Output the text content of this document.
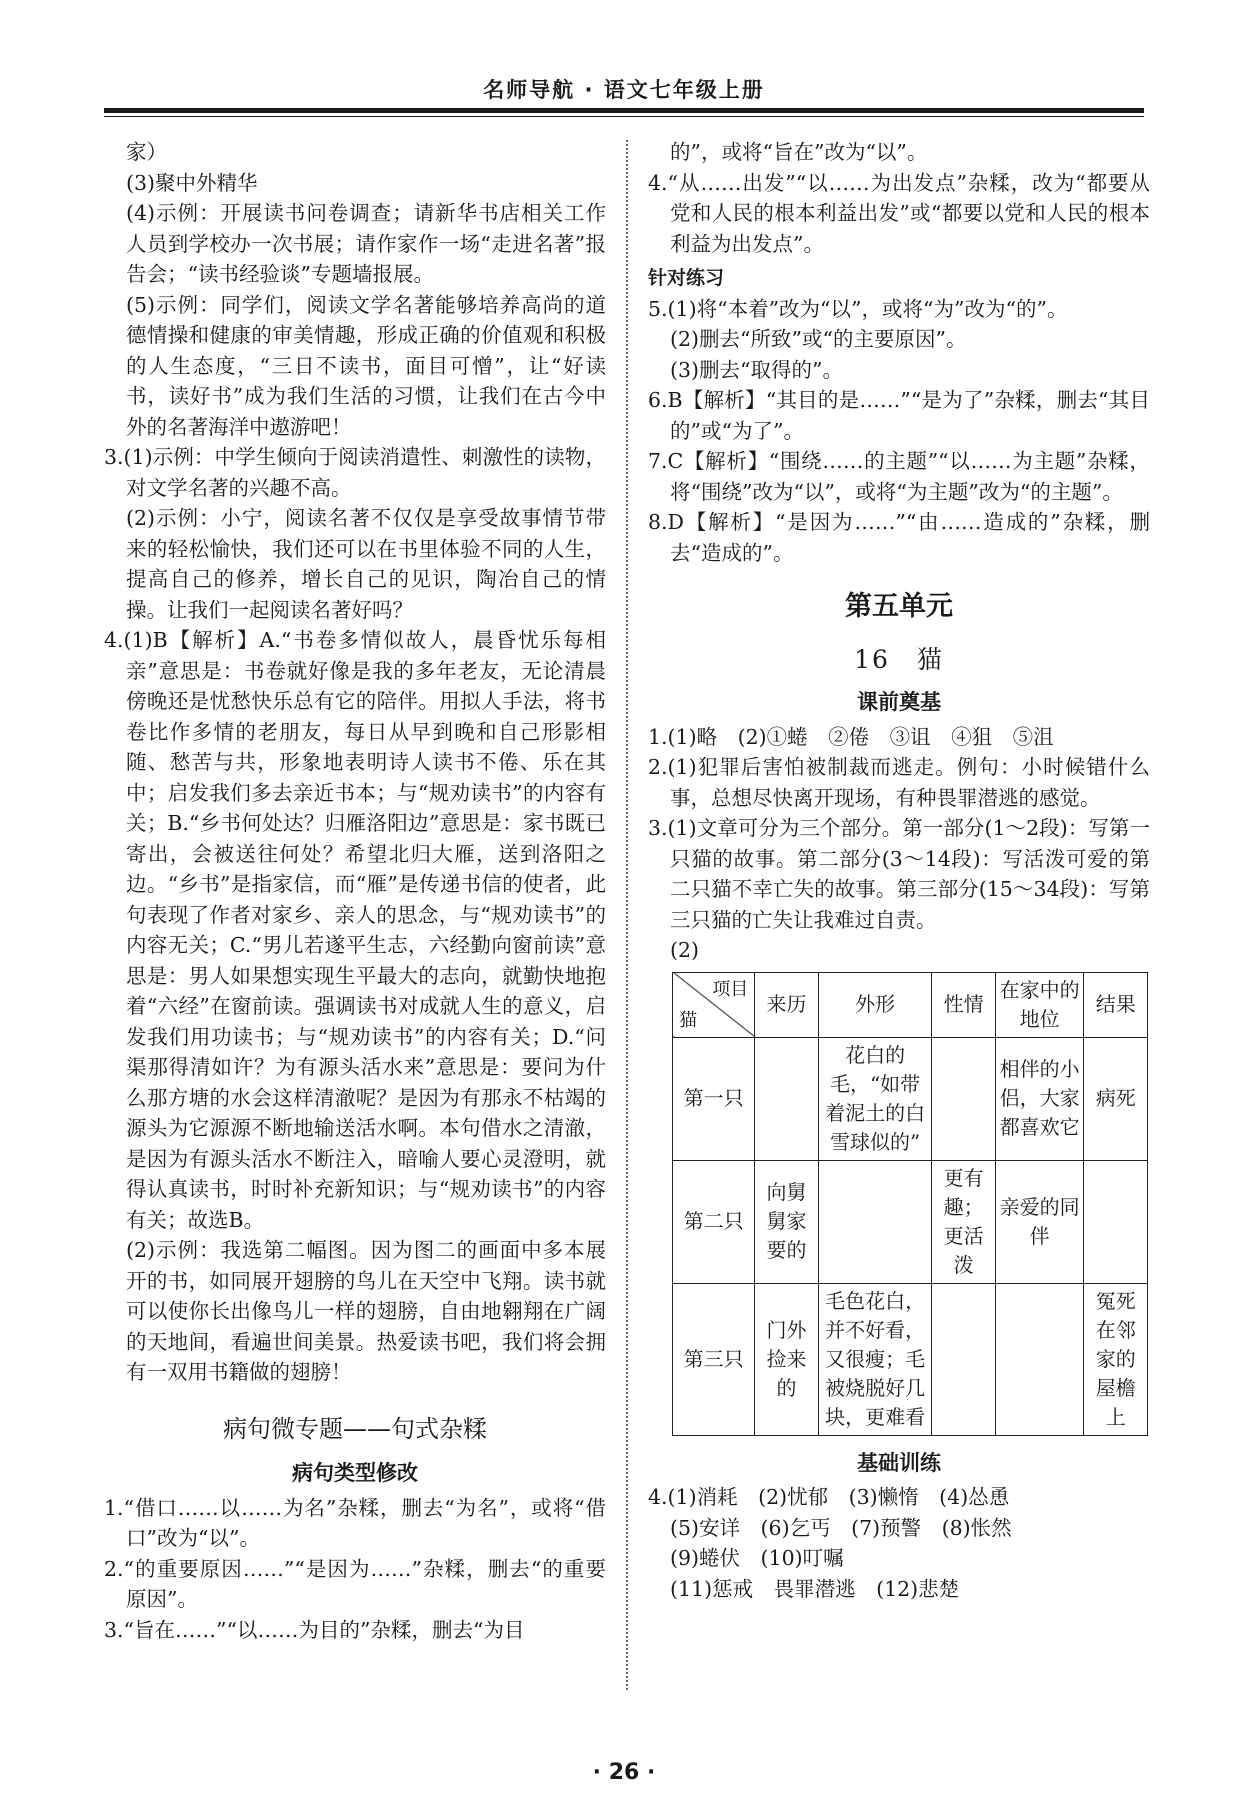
名师导航 · 语文七年级上册

家）

(3)聚中外精华

(4)示例：开展读书问卷调查；请新华书店相关工作人员到学校办一次书展；请作家作一场“走进名著”报告会；“读书经验谈”专题墙报展。

(5)示例：同学们，阅读文学名著能够培养高尚的道德情操和健康的审美情趣，形成正确的价值观和积极的人生态度，“三日不读书，面目可憎”，让“好读书，读好书”成为我们生活的习惯，让我们在古今中外的名著海洋中遨游吧！

3.(1)示例：中学生倾向于阅读消遣性、刺激性的读物，对文学名著的兴趣不高。

(2)示例：小宁，阅读名著不仅仅是享受故事情节带来的轻松愉快，我们还可以在书里体验不同的人生，提高自己的修养，增长自己的见识，陶冶自己的情操。让我们一起阅读名著好吗？

4.(1)B【解析】A.“书卷多情似故人，晨昏忧乐每相亲”意思是：书卷就好像是我的多年老友，无论清晨傍晚还是忧愁快乐总有它的陪伴。用拟人手法，将书卷比作多情的老朋友，每日从早到晚和自己形影相随、愁苦与共，形象地表明诗人读书不倦、乐在其中；启发我们多去亲近书本；与“规劝读书”的内容有关；B.“乡书何处达？归雁洛阳边”意思是：家书既已寄出，会被送往何处？希望北归大雁，送到洛阳之边。“乡书”是指家信，而“雁”是传递书信的使者，此句表现了作者对家乡、亲人的思念，与“规劝读书”的内容无关；C.“男儿若遂平生志，六经勤向窗前读”意思是：男人如果想实现生平最大的志向，就勤快地抱着“六经”在窗前读。强调读书对成就人生的意义，启发我们用功读书；与“规劝读书”的内容有关；D.“问渠那得清如许？为有源头活水来”意思是：要问为什么那方塘的水会这样清澈呢？是因为有那永不枯竭的源头为它源源不断地输送活水啊。本句借水之清澈，是因为有源头活水不断注入，暗喻人要心灵澄明，就得认真读书，时时补充新知识；与“规劝读书”的内容有关；故选B。

(2)示例：我选第二幅图。因为图二的画面中多本展开的书，如同展开翅膀的鸟儿在天空中飞翔。读书就可以使你长出像鸟儿一样的翅膀，自由地翱翔在广阔的天地间，看遍世间美景。热爱读书吧，我们将会拥有一双用书籍做的翅膀！

病句微专题——句式杂糅
病句类型修改

1.“借口……以……为名”杂糅，删去“为名”，或将“借口”改为“以”。

2.“的重要原因……”“是因为……”杂糅，删去“的重要原因”。

3.“旨在……”“以……为目的”杂糅，删去“为目

的”，或将“旨在”改为“以”。

4.“从……出发”“以……为出发点”杂糅，改为“都要从党和人民的根本利益出发”或“都要以党和人民的根本利益为出发点”。

针对练习

5.(1)将“本着”改为“以”，或将“为”改为“的”。

(2)删去“所致”或“的主要原因”。

(3)删去“取得的”。

6.B【解析】“其目的是……”“是为了”杂糅，删去“其目的”或“为了”。

7.C【解析】“围绕……的主题”“以……为主题”杂糅，将“围绕”改为“以”，或将“为主题”改为“的主题”。

8.D【解析】“是因为……”“由……造成的”杂糅，删去“造成的”。

第五单元
16　猫
课前奠基

1.(1)略　(2)①蜷　②倦　③诅　④狙　⑤沮

2.(1)犯罪后害怕被制裁而逃走。例句：小时候错什么事，总想尽快离开现场，有种畏罪潜逃的感觉。

3.(1)文章可分为三个部分。第一部分(1～2段)：写第一只猫的故事。第二部分(3～14段)：写活泼可爱的第二只猫不幸亡失的故事。第三部分(15～34段)：写第三只猫的亡失让我难过自责。

(2)

项目
猫	来历	外形	性情	在家中的地位	结果
第一只		花白的毛，“如带着泥土的白雪球似的”		相伴的小侣，大家都喜欢它	病死
第二只	向舅舅家要的		更有趣；更活泼	亲爱的同伴	
第三只	门外捡来的	毛色花白，并不好看，又很瘦；毛被烧脱好几块，更难看			冤死在邻家的屋檐上
基础训练

4.(1)消耗　(2)忧郁　(3)懒惰　(4)怂恿

(5)安详　(6)乞丐　(7)预警　(8)怅然

(9)蜷伏　(10)叮嘱

(11)惩戒　畏罪潜逃　(12)悲楚

· 26 ·
